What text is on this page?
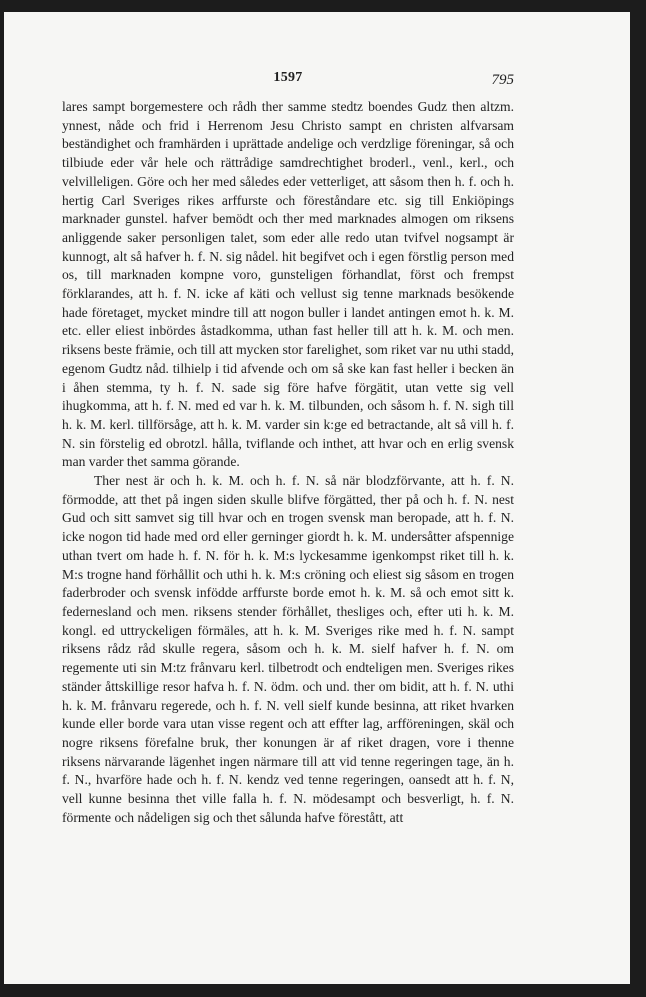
1597	795

lares sampt borgemestere och rådh ther samme stedtz boendes Gudz then altzm. ynnest, nåde och frid i Herrenom Jesu Christo sampt en christen alfvarsam beständighet och framhärden i uprättade andelige och verdzlige föreningar, så och tilbiude eder vår hele och rättrådige samdrechtighet broderl., venl., kerl., och velvilleligen. Göre och her med således eder vetterliget, att såsom then h. f. och h. hertig Carl Sveriges rikes arffurste och föreståndare etc. sig till Enkiöpings marknader gunstel. hafver bemödt och ther med marknades almogen om riksens anliggende saker personligen talet, som eder alle redo utan tvifvel nogsampt är kunnogt, alt så hafver h. f. N. sig nådel. hit begifvet och i egen förstlig person med os, till marknaden kompne voro, gunsteligen förhandlat, först och frempst förklarandes, att h. f. N. icke af käti och vellust sig tenne marknads besökende hade företaget, mycket mindre till att nogon buller i landet antingen emot h. k. M. etc. eller eliest inbördes åstadkomma, uthan fast heller till att h. k. M. och men. riksens beste främie, och till att mycken stor farelighet, som riket var nu uthi stadd, egenom Gudtz nåd. tilhielp i tid afvende och om så ske kan fast heller i becken än i åhen stemma, ty h. f. N. sade sig före hafve förgätit, utan vette sig vell ihugkomma, att h. f. N. med ed var h. k. M. tilbunden, och såsom h. f. N. sigh till h. k. M. kerl. tillförsåge, att h. k. M. varder sin k:ge ed betractande, alt så vill h. f. N. sin förstelig ed obrotzl. hålla, tviflande och inthet, att hvar och en erlig svensk man varder thet samma görande.

Ther nest är och h. k. M. och h. f. N. så när blodzförvante, att h. f. N. förmodde, att thet på ingen siden skulle blifve förgätted, ther på och h. f. N. nest Gud och sitt samvet sig till hvar och en trogen svensk man beropade, att h. f. N. icke nogon tid hade med ord eller gerninger giordt h. k. M. undersåtter afspennige uthan tvert om hade h. f. N. för h. k. M:s lyckesamme igenkompst riket till h. k. M:s trogne hand förhållit och uthi h. k. M:s cröning och eliest sig såsom en trogen faderbroder och svensk infödde arffurste borde emot h. k. M. så och emot sitt k. federnesland och men. riksens stender förhållet, thesliges och, efter uti h. k. M. kongl. ed uttryckeligen förmäles, att h. k. M. Sveriges rike med h. f. N. sampt riksens rådz råd skulle regera, såsom och h. k. M. sielf hafver h. f. N. om regemente uti sin M:tz frånvaru kerl. tilbetrodt och endteligen men. Sveriges rikes ständer åttskillige resor hafva h. f. N. ödm. och und. ther om bidit, att h. f. N. uthi h. k. M. frånvaru regerede, och h. f. N. vell sielf kunde besinna, att riket hvarken kunde eller borde vara utan visse regent och att effter lag, arfföreningen, skäl och nogre riksens förefalne bruk, ther konungen är af riket dragen, vore i thenne riksens närvarande lägenhet ingen närmare till att vid tenne regeringen tage, än h. f. N., hvarföre hade och h. f. N. kendz ved tenne regeringen, oansedt att h. f. N, vell kunne besinna thet ville falla h. f. N. mödesampt och besverligt, h. f. N. förmente och nådeligen sig och thet sålunda hafve förestått, att
